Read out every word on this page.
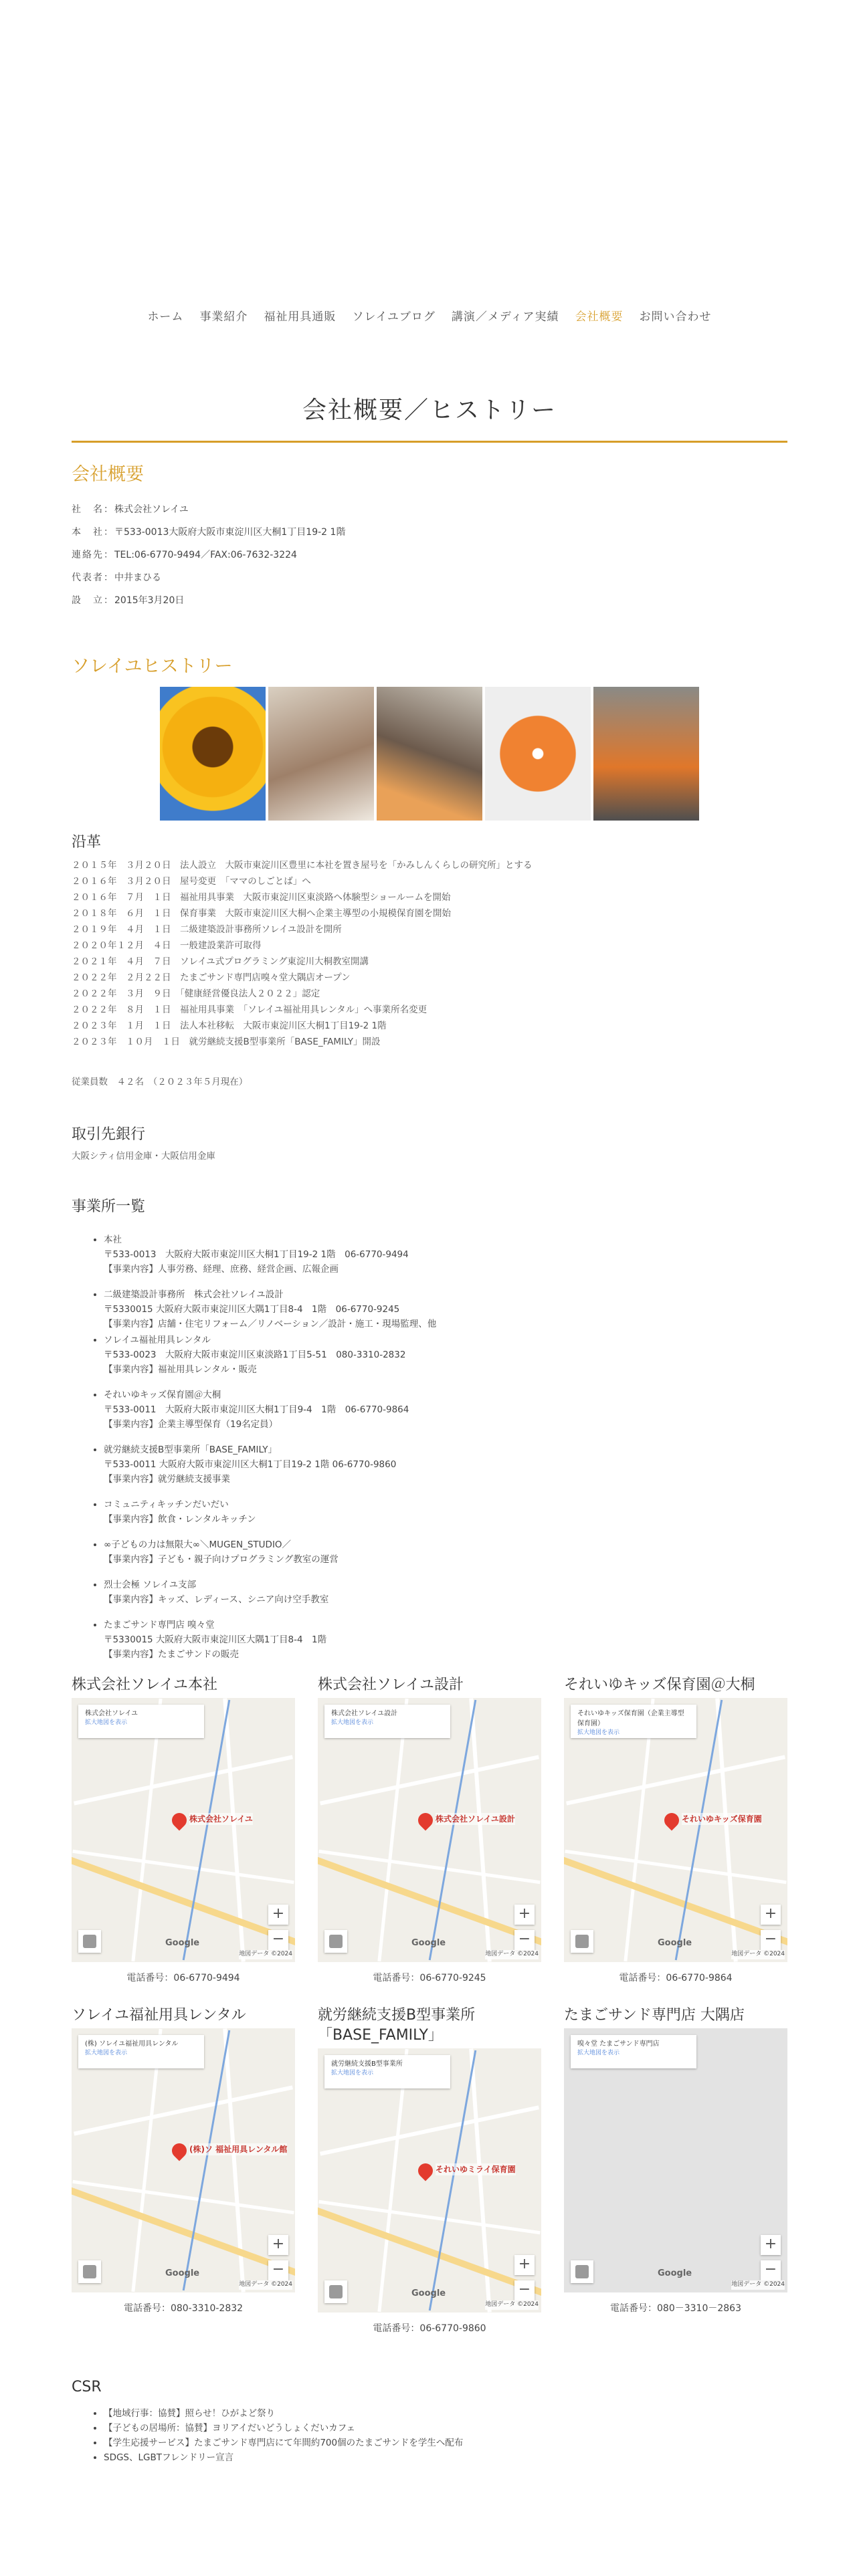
ホーム 事業紹介 福祉用具通販 ソレイユブログ 講演／メディア実績 会社概要 お問い合わせ
会社概要／ヒストリー
会社概要
社　名：株式会社ソレイユ
本　社：〒533-0013大阪府大阪市東淀川区大桐1丁目19-2 1階
連絡先：TEL:06-6770-9494／FAX:06-7632-3224
代表者：中井まひる
設　立：2015年3月20日
ソレイユヒストリー
沿革
２０１５年　３月２０日　法人設立　大阪市東淀川区豊里に本社を置き屋号を「かみしんくらしの研究所」とする
２０１６年　３月２０日　屋号変更　「ママのしごとば」へ
２０１６年　７月　１日　福祉用具事業　大阪市東淀川区東淡路へ体験型ショールームを開始
２０１８年　６月　１日　保育事業　大阪市東淀川区大桐へ企業主導型の小規模保育園を開始
２０１９年　４月　１日　二級建築設計事務所ソレイユ設計を開所
２０２０年１２月　４日　一般建設業許可取得
２０２１年　４月　７日　ソレイユ式プログラミング東淀川大桐教室開講
２０２２年　２月２２日　たまごサンド専門店嗅々堂大隅店オープン
２０２２年　３月　９日　「健康経営優良法人２０２２」認定
２０２２年　８月　１日　福祉用具事業　「ソレイユ福祉用具レンタル」へ事業所名変更
２０２３年　１月　１日　法人本社移転　大阪市東淀川区大桐1丁目19-2 1階
２０２３年　１０月　１日　就労継続支援B型事業所「BASE_FAMILY」開設
従業員数　４２名　（２０２３年５月現在）
取引先銀行
大阪シティ信用金庫・大阪信用金庫
事業所一覧
• 本社
〒533-0013　大阪府大阪市東淀川区大桐1丁目19-2 1階　06-6770-9494
【事業内容】人事労務、経理、庶務、経営企画、広報企画
• 二級建築設計事務所　株式会社ソレイユ設計
〒5330015 大阪府大阪市東淀川区大隅1丁目8-4　1階　06-6770-9245
【事業内容】店舗・住宅リフォーム／リノベーション／設計・施工・現場監理、他
• ソレイユ福祉用具レンタル
〒533-0023　大阪府大阪市東淀川区東淡路1丁目5-51　080-3310-2832
【事業内容】福祉用具レンタル・販売
• それいゆキッズ保育園＠大桐
〒533-0011　大阪府大阪市東淀川区大桐1丁目9-4　1階　06-6770-9864
【事業内容】企業主導型保育（19名定員）
• 就労継続支援B型事業所「BASE_FAMILY」
〒533-0011 大阪府大阪市東淀川区大桐1丁目19-2 1階 06-6770-9860
【事業内容】就労継続支援事業
• コミュニティキッチンだいだい
【事業内容】飲食・レンタルキッチン
• ∞子どもの力は無限大∞＼MUGEN_STUDIO／
【事業内容】子ども・親子向けプログラミング教室の運営
• 烈士会極 ソレイユ支部
【事業内容】キッズ、レディース、シニア向け空手教室
• たまごサンド専門店 嗅々堂
〒5330015 大阪府大阪市東淀川区大隅1丁目8-4　1階
【事業内容】たまごサンドの販売
株式会社ソレイユ本社
株式会社ソレイユ
株式会社ソレイユ
拡大地図を表示
+
−
Google
地図データ ©2024
電話番号：06-6770-9494
株式会社ソレイユ設計
株式会社ソレイユ設計
株式会社ソレイユ設計
拡大地図を表示
+
−
Google
地図データ ©2024
電話番号：06-6770-9245
それいゆキッズ保育園＠大桐
それいゆキッズ保育園
それいゆキッズ保育園（企業主導型保育園）
拡大地図を表示
+
−
Google
地図データ ©2024
電話番号：06-6770-9864
ソレイユ福祉用具レンタル
(株)ソ 福祉用具レンタル館
(株) ソレイユ福祉用具レンタル
拡大地図を表示
+
−
Google
地図データ ©2024
電話番号：080-3310-2832
就労継続支援B型事業所「BASE_FAMILY」
それいゆミライ保育園
就労継続支援B型事業所
拡大地図を表示
+
−
Google
地図データ ©2024
電話番号：06-6770-9860
たまごサンド専門店 大隅店
嗅々堂 たまごサンド専門店
拡大地図を表示
+
−
Google
地図データ ©2024
電話番号：080－3310－2863
CSR
• 【地域行事：協賛】照らせ！ひがよど祭り
• 【子どもの居場所：協賛】ヨリアイだいどうしょくだいカフェ
• 【学生応援サービス】たまごサンド専門店にて年間約700個のたまごサンドを学生へ配布
• SDGS、LGBTフレンドリー宣言
